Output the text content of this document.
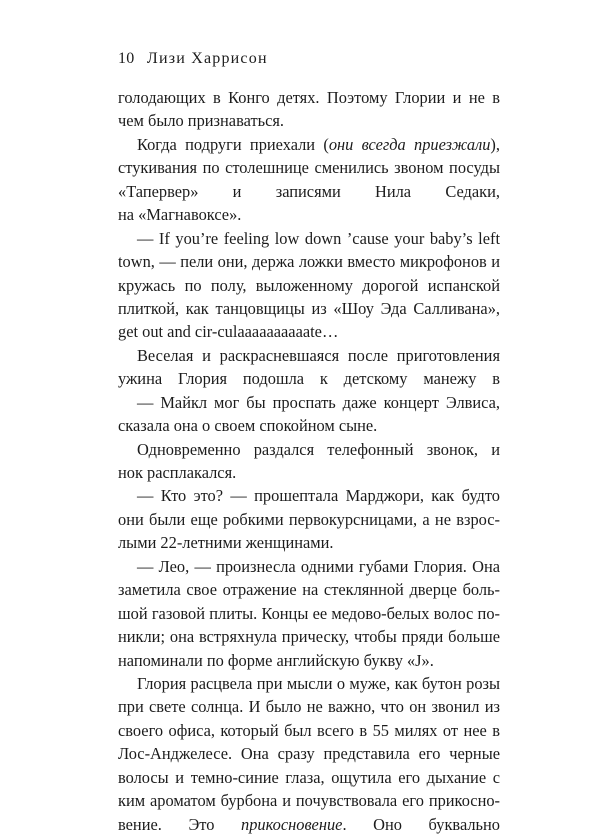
10 Лизи Харрисон
голодающих в Конго детях. Поэтому Глории и не в
чем было признаваться.
Когда подруги приехали (они всегда приезжали),
стукивания по столешнице сменились звоном посуды
«Тапервер» и записями Нила Седаки,
на «Магнавоксе».
— If you’re feeling low down ’cause your baby’s left
town, — пели они, держа ложки вместо микрофонов и
кружась по полу, выложенному дорогой испанской
плиткой, как танцовщицы из «Шоу Эда Салливана»,
get out and cir-culaaaaaaaaaate…
Веселая и раскрасневшаяся после приготовления
ужина Глория подошла к детскому манежу в
— Майкл мог бы проспать даже концерт Элвиса,
сказала она о своем спокойном сыне.
Одновременно раздался телефонный звонок, и
нок расплакался.
— Кто это? — прошептала Марджори, как будто
они были еще робкими первокурсницами, а не взрос-
лыми 22-летними женщинами.
— Лео, — произнесла одними губами Глория. Она
заметила свое отражение на стеклянной дверце боль-
шой газовой плиты. Концы ее медово-белых волос по-
никли; она встряхнула прическу, чтобы пряди больше
напоминали по форме английскую букву «J».
Глория расцвела при мысли о муже, как бутон розы
при свете солнца. И было не важно, что он звонил из
своего офиса, который был всего в 55 милях от нее в
Лос-Анджелесе. Она сразу представила его черные
волосы и темно-синие глаза, ощутила его дыхание с
ким ароматом бурбона и почувствовала его прикосно-
вение. Это прикосновение. Оно буквально
